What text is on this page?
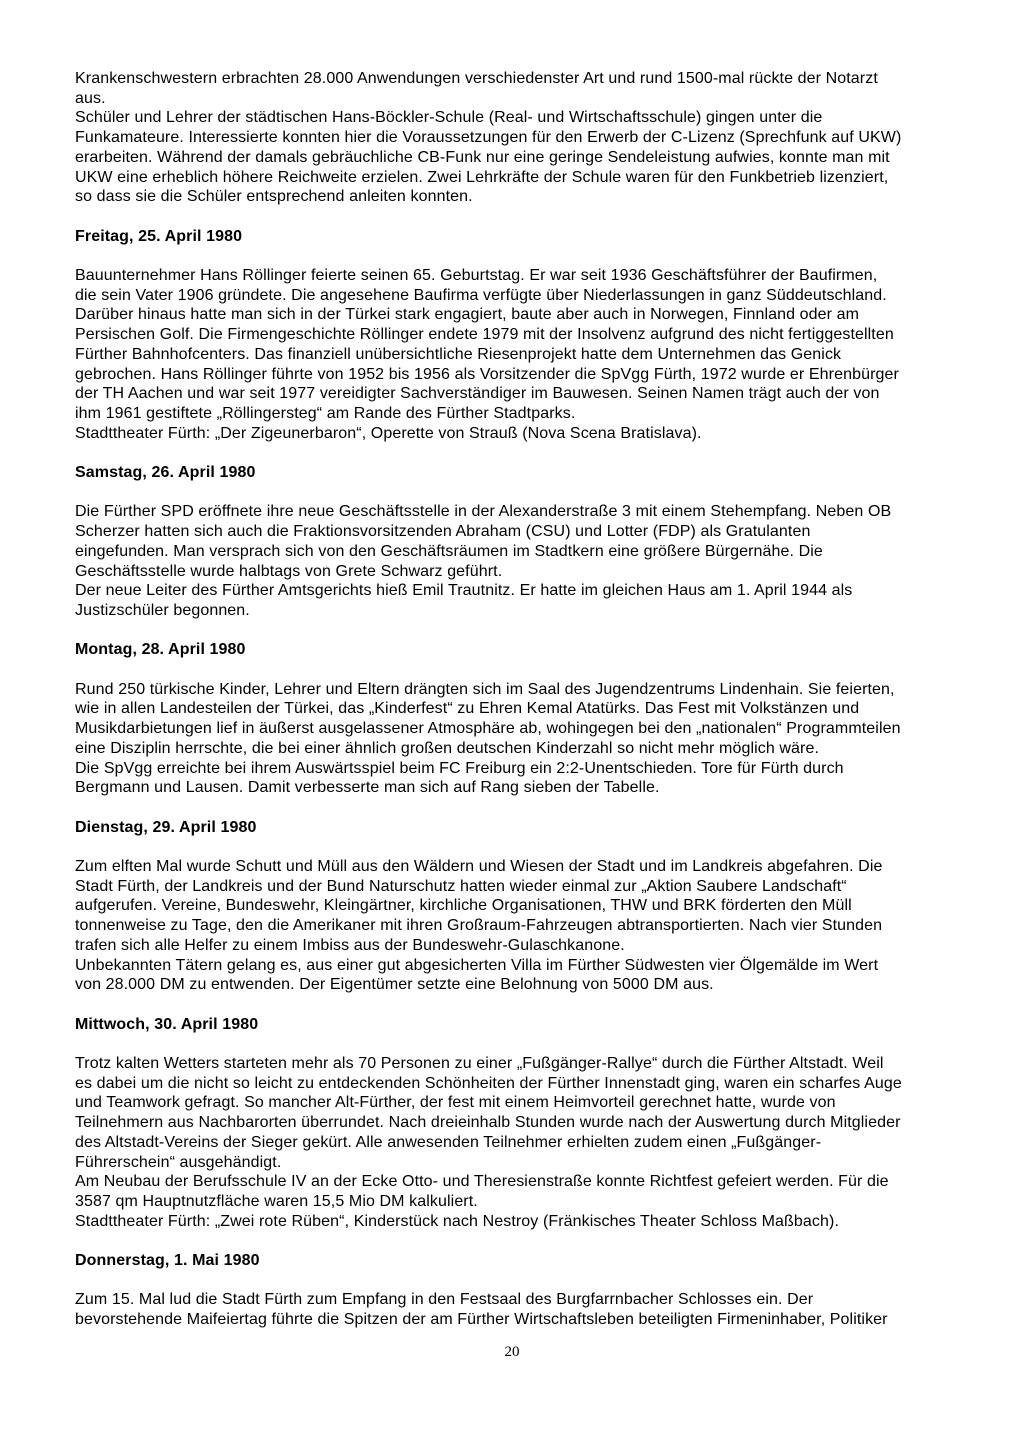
Krankenschwestern erbrachten 28.000 Anwendungen verschiedenster Art und rund 1500-mal rückte der Notarzt
aus.
Schüler und Lehrer der städtischen Hans-Böckler-Schule (Real- und Wirtschaftsschule) gingen unter die
Funkamateure. Interessierte konnten hier die Voraussetzungen für den Erwerb der C-Lizenz (Sprechfunk auf UKW)
erarbeiten. Während der damals gebräuchliche CB-Funk nur eine geringe Sendeleistung aufwies, konnte man mit
UKW eine erheblich höhere Reichweite erzielen. Zwei Lehrkräfte der Schule waren für den Funkbetrieb lizenziert,
so dass sie die Schüler entsprechend anleiten konnten.

Freitag, 25. April 1980

Bauunternehmer Hans Röllinger feierte seinen 65. Geburtstag. Er war seit 1936 Geschäftsführer der Baufirmen,
die sein Vater 1906 gründete. Die angesehene Baufirma verfügte über Niederlassungen in ganz Süddeutschland.
Darüber hinaus hatte man sich in der Türkei stark engagiert, baute aber auch in Norwegen, Finnland oder am
Persischen Golf. Die Firmengeschichte Röllinger endete 1979 mit der Insolvenz aufgrund des nicht fertiggestellten
Fürther Bahnhofcenters. Das finanziell unübersichtliche Riesenprojekt hatte dem Unternehmen das Genick
gebrochen. Hans Röllinger führte von 1952 bis 1956 als Vorsitzender die SpVgg Fürth, 1972 wurde er Ehrenbürger
der TH Aachen und war seit 1977 vereidigter Sachverständiger im Bauwesen. Seinen Namen trägt auch der von
ihm 1961 gestiftete „Röllingersteg“ am Rande des Fürther Stadtparks.
Stadttheater Fürth: „Der Zigeunerbaron“, Operette von Strauß (Nova Scena Bratislava).

Samstag, 26. April 1980

Die Fürther SPD eröffnete ihre neue Geschäftsstelle in der Alexanderstraße 3 mit einem Stehempfang. Neben OB
Scherzer hatten sich auch die Fraktionsvorsitzenden Abraham (CSU) und Lotter (FDP) als Gratulanten
eingefunden. Man versprach sich von den Geschäftsräumen im Stadtkern eine größere Bürgernähe. Die
Geschäftsstelle wurde halbtags von Grete Schwarz geführt.
Der neue Leiter des Fürther Amtsgerichts hieß Emil Trautnitz. Er hatte im gleichen Haus am 1. April 1944 als
Justizschüler begonnen.

Montag, 28. April 1980

Rund 250 türkische Kinder, Lehrer und Eltern drängten sich im Saal des Jugendzentrums Lindenhain. Sie feierten,
wie in allen Landesteilen der Türkei, das „Kinderfest“ zu Ehren Kemal Atatürks. Das Fest mit Volkstänzen und
Musikdarbietungen lief in äußerst ausgelassener Atmosphäre ab, wohingegen bei den „nationalen“ Programmteilen
eine Disziplin herrschte, die bei einer ähnlich großen deutschen Kinderzahl so nicht mehr möglich wäre.
Die SpVgg erreichte bei ihrem Auswärtsspiel beim FC Freiburg ein 2:2-Unentschieden. Tore für Fürth durch
Bergmann und Lausen. Damit verbesserte man sich auf Rang sieben der Tabelle.

Dienstag, 29. April 1980

Zum elften Mal wurde Schutt und Müll aus den Wäldern und Wiesen der Stadt und im Landkreis abgefahren. Die
Stadt Fürth, der Landkreis und der Bund Naturschutz hatten wieder einmal zur „Aktion Saubere Landschaft“
aufgerufen. Vereine, Bundeswehr, Kleingärtner, kirchliche Organisationen, THW und BRK förderten den Müll
tonnenweise zu Tage, den die Amerikaner mit ihren Großraum-Fahrzeugen abtransportierten. Nach vier Stunden
trafen sich alle Helfer zu einem Imbiss aus der Bundeswehr-Gulaschkanone.
Unbekannten Tätern gelang es, aus einer gut abgesicherten Villa im Fürther Südwesten vier Ölgemälde im Wert
von 28.000 DM zu entwenden. Der Eigentümer setzte eine Belohnung von 5000 DM aus.

Mittwoch, 30. April 1980

Trotz kalten Wetters starteten mehr als 70 Personen zu einer „Fußgänger-Rallye“ durch die Fürther Altstadt. Weil
es dabei um die nicht so leicht zu entdeckenden Schönheiten der Fürther Innenstadt ging, waren ein scharfes Auge
und Teamwork gefragt. So mancher Alt-Fürther, der fest mit einem Heimvorteil gerechnet hatte, wurde von
Teilnehmern aus Nachbarorten überrundet. Nach dreieinhalb Stunden wurde nach der Auswertung durch Mitglieder
des Altstadt-Vereins der Sieger gekürt. Alle anwesenden Teilnehmer erhielten zudem einen „Fußgänger-
Führerschein“ ausgehändigt.
Am Neubau der Berufsschule IV an der Ecke Otto- und Theresienstraße konnte Richtfest gefeiert werden. Für die
3587 qm Hauptnutzfläche waren 15,5 Mio DM kalkuliert.
Stadttheater Fürth: „Zwei rote Rüben“, Kinderstück nach Nestroy (Fränkisches Theater Schloss Maßbach).

Donnerstag, 1. Mai 1980

Zum 15. Mal lud die Stadt Fürth zum Empfang in den Festsaal des Burgfarrnbacher Schlosses ein. Der
bevorstehende Maifeiertag führte die Spitzen der am Fürther Wirtschaftsleben beteiligten Firmeninhaber, Politiker

20
